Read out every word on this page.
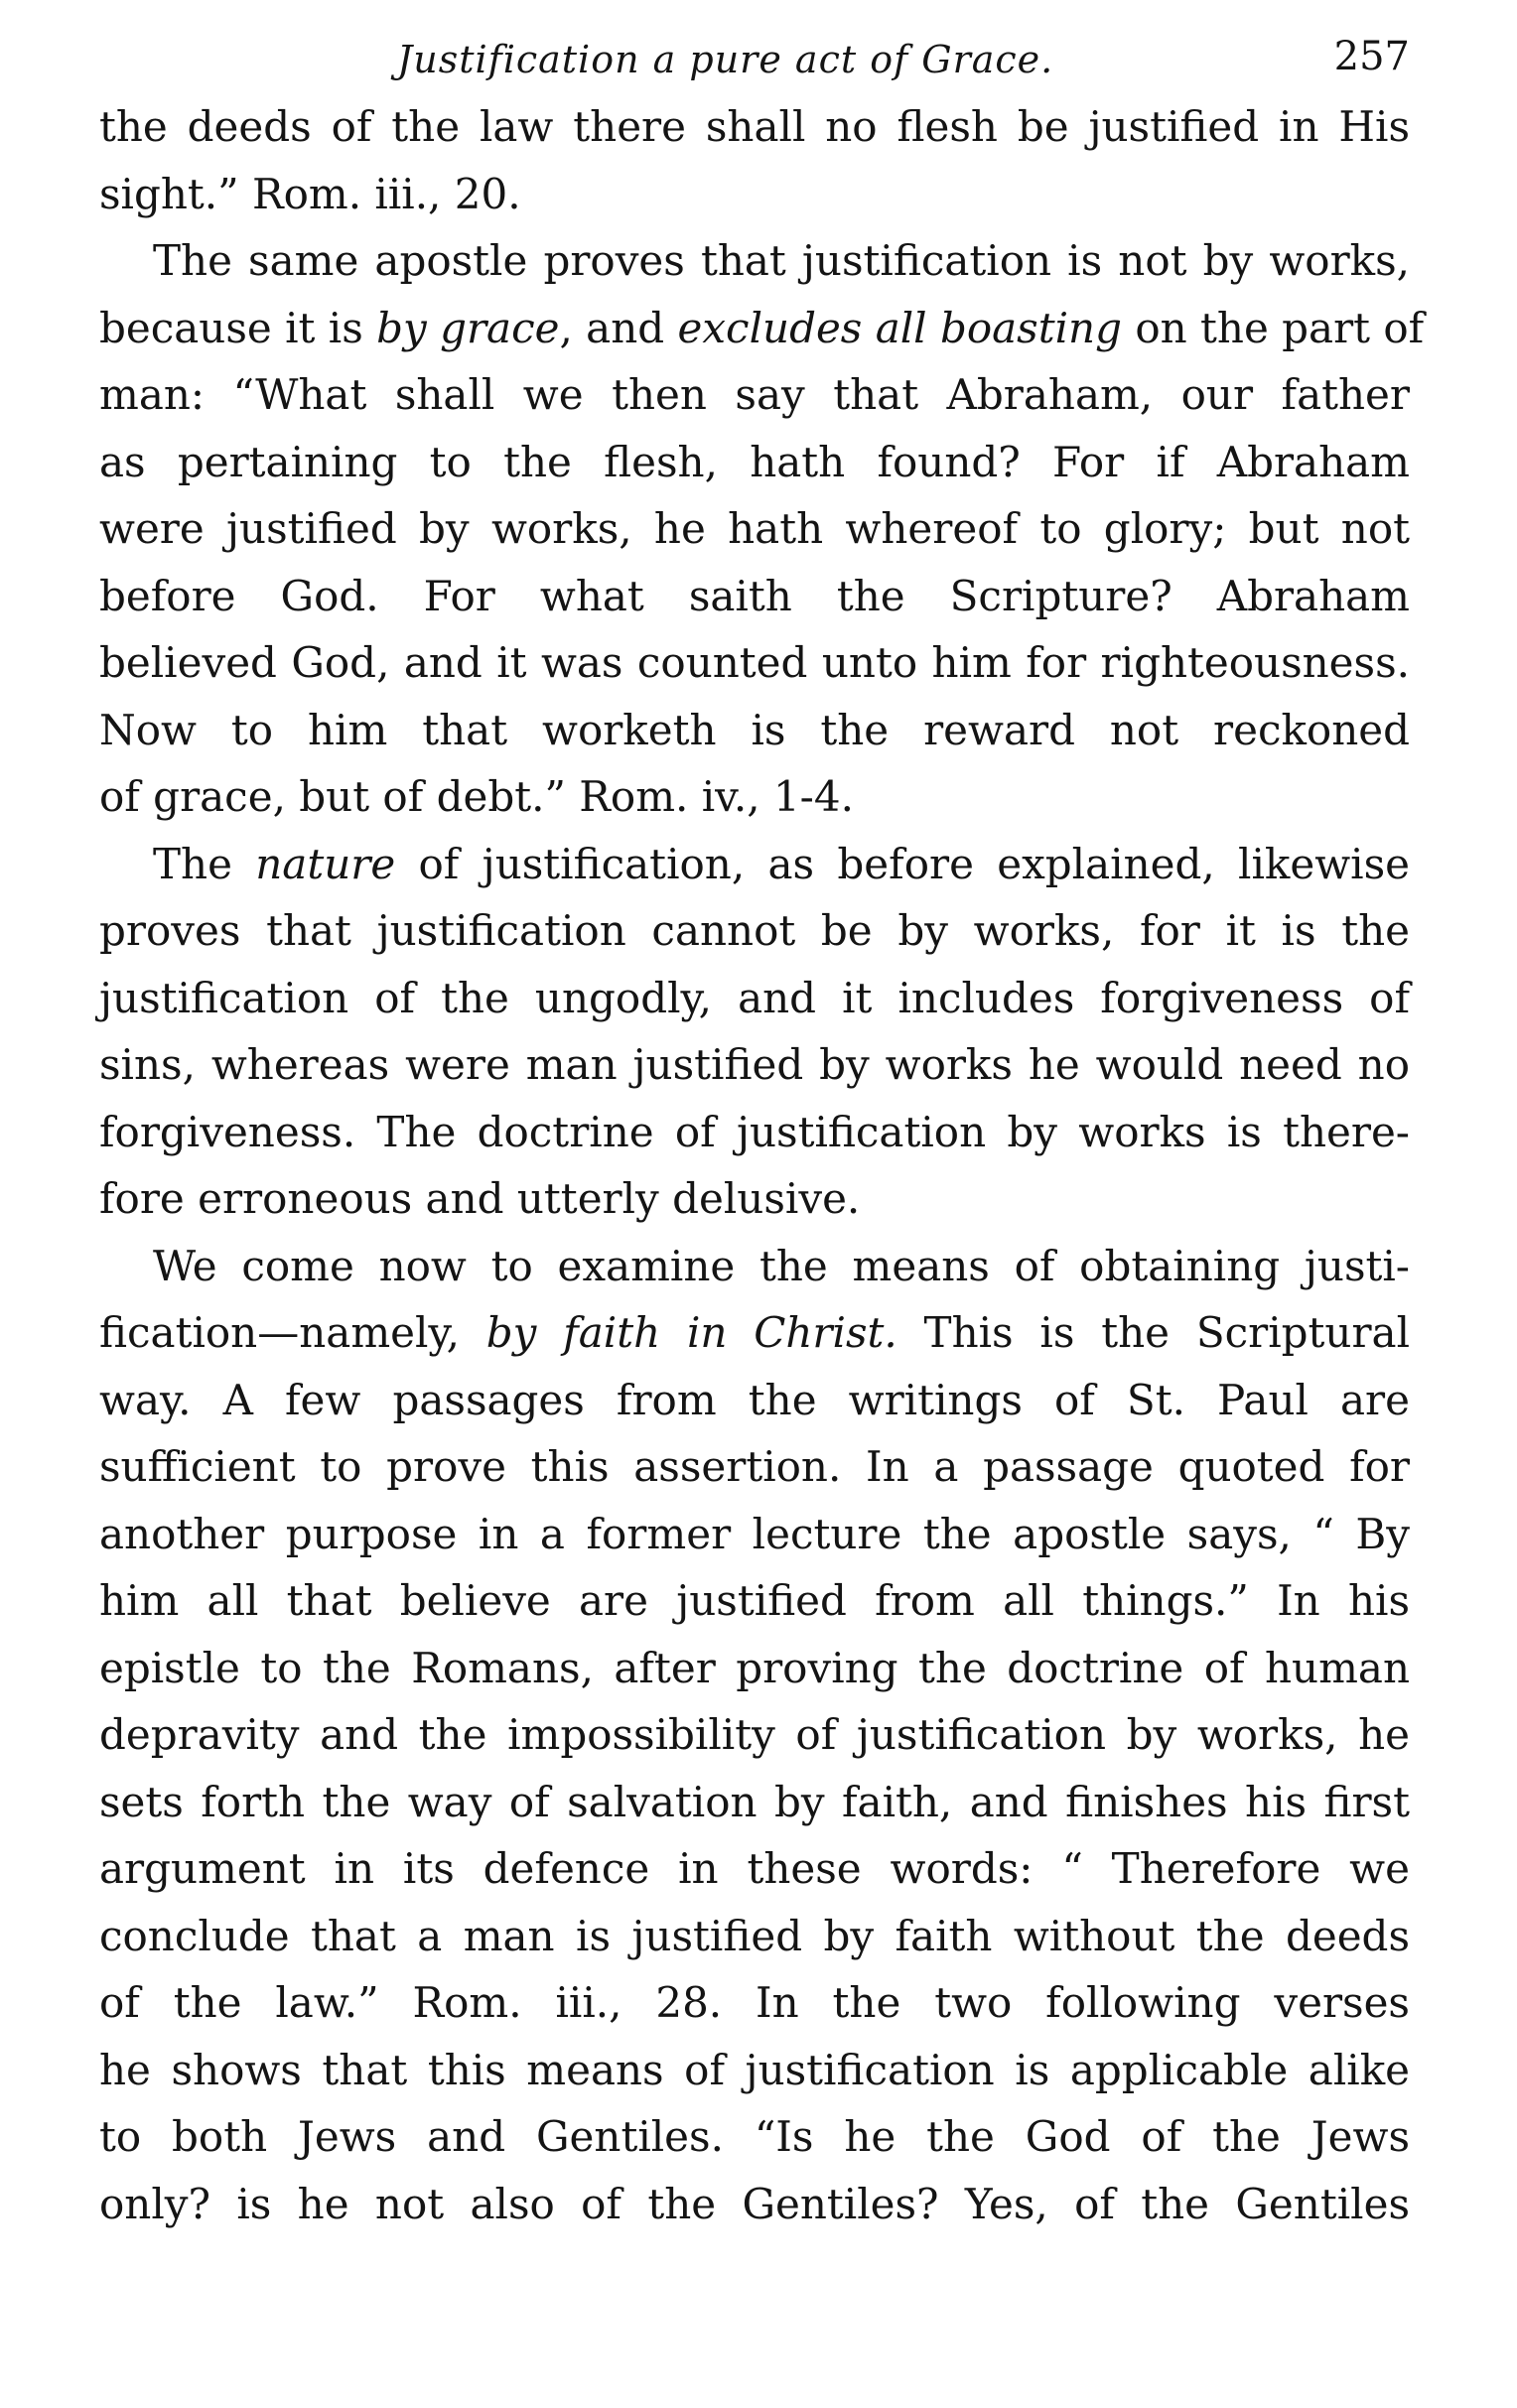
Justification a pure act of Grace.	257
the deeds of the law there shall no flesh be justified in His
sight.” Rom. iii., 20.
The same apostle proves that justification is not by works,
because it is by grace, and excludes all boasting on the part of
man: “What shall we then say that Abraham, our father
as pertaining to the flesh, hath found? For if Abraham
were justified by works, he hath whereof to glory; but not
before God. For what saith the Scripture? Abraham
believed God, and it was counted unto him for righteousness.
Now to him that worketh is the reward not reckoned
of grace, but of debt.” Rom. iv., 1-4.
The nature of justification, as before explained, likewise
proves that justification cannot be by works, for it is the
justification of the ungodly, and it includes forgiveness of
sins, whereas were man justified by works he would need no
forgiveness. The doctrine of justification by works is there-
fore erroneous and utterly delusive.
We come now to examine the means of obtaining justi-
fication—namely, by faith in Christ. This is the Scriptural
way. A few passages from the writings of St. Paul are
sufficient to prove this assertion. In a passage quoted for
another purpose in a former lecture the apostle says, “ By
him all that believe are justified from all things.” In his
epistle to the Romans, after proving the doctrine of human
depravity and the impossibility of justification by works, he
sets forth the way of salvation by faith, and finishes his first
argument in its defence in these words: “ Therefore we
conclude that a man is justified by faith without the deeds
of the law.” Rom. iii., 28. In the two following verses
he shows that this means of justification is applicable alike
to both Jews and Gentiles. “Is he the God of the Jews
only? is he not also of the Gentiles? Yes, of the Gentiles
